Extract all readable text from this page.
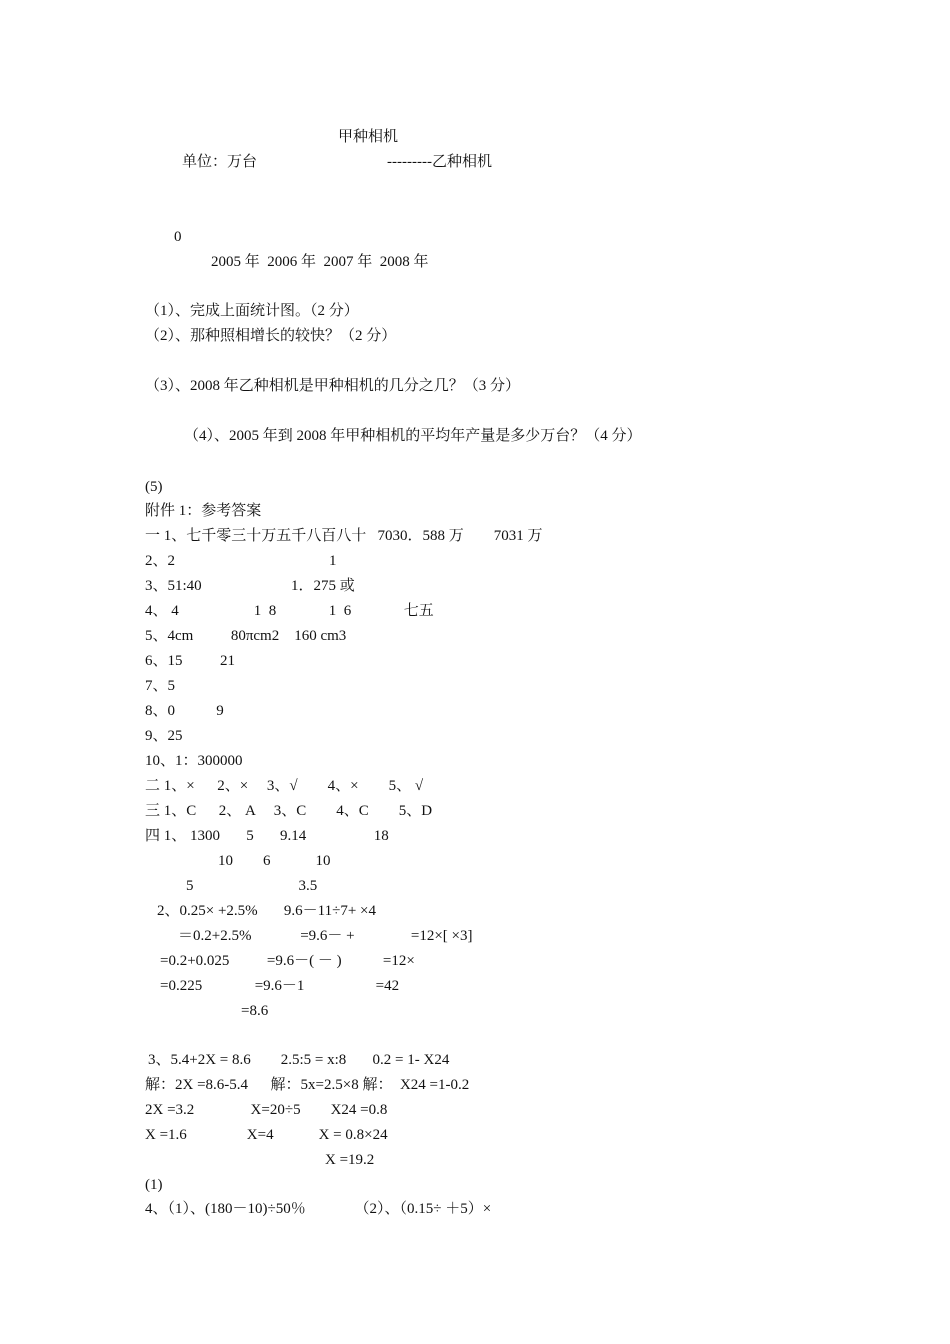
甲种相机
单位：万台	---------乙种相机
0
2005 年  2006 年  2007 年  2008 年
（1）、完成上面统计图。（2 分）
（2）、那种照相增长的较快？（2 分）
（3）、2008 年乙种相机是甲种相机的几分之几？（3 分）
（4）、2005 年到 2008 年甲种相机的平均年产量是多少万台？（4 分）
(5)
附件 1：参考答案
一 1、七千零三十万五千八百八十   7030．588 万        7031 万
2、2	1
3、51:40	1．275 或
4、 4                    1  8              1  6              七五
5、4cm          80πcm2    160 cm3
6、15          21
7、5
8、0           9
9、25
10、1：300000
二 1、×      2、×     3、√        4、×        5、 √
三 1、C      2、 A     3、C        4、C        5、D
四 1、 1300       5       9.14                  18
10        6            10
5                            3.5
2、0.25× +2.5%       9.6－11÷7+ ×4
＝0.2+2.5%             =9.6－ +               =12×[ ×3]
=0.2+0.025          =9.6－( － )           =12×
=0.225              =9.6－1                   =42
=8.6
3、5.4+2X = 8.6        2.5:5 = x:8       0.2 = 1- X24
解：2X =8.6-5.4      解：5x=2.5×8 解：  X24 =1-0.2
2X =3.2               X=20÷5        X24 =0.8
X =1.6                X=4            X = 0.8×24
X =19.2
(1)
4、（1）、(180－10)÷50％             （2）、（0.15÷ ＋5）×
